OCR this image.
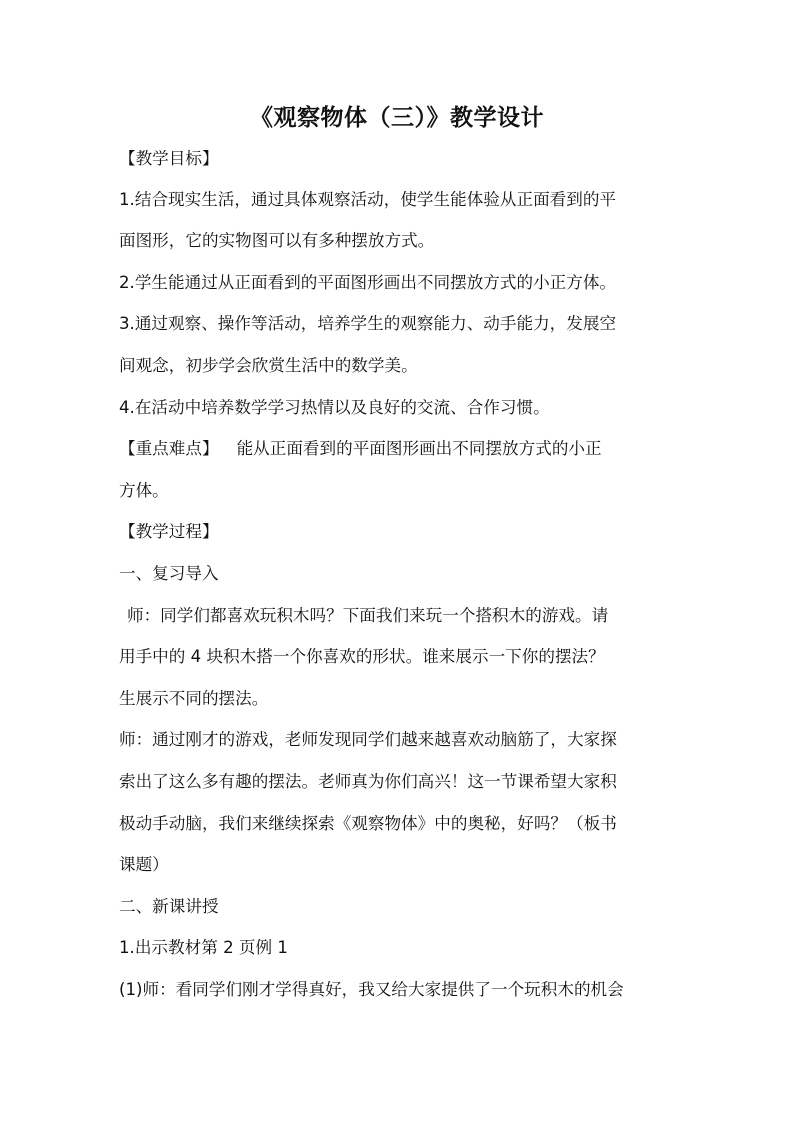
《观察物体（三）》教学设计
【教学目标】
1.结合现实生活，通过具体观察活动，使学生能体验从正面看到的平
面图形，它的实物图可以有多种摆放方式。
2.学生能通过从正面看到的平面图形画出不同摆放方式的小正方体。
3.通过观察、操作等活动，培养学生的观察能力、动手能力，发展空
间观念，初步学会欣赏生活中的数学美。
4.在活动中培养数学学习热情以及良好的交流、合作习惯。
【重点难点】 能从正面看到的平面图形画出不同摆放方式的小正
方体。
【教学过程】
一、复习导入
师：同学们都喜欢玩积木吗？下面我们来玩一个搭积木的游戏。请
用手中的 4 块积木搭一个你喜欢的形状。谁来展示一下你的摆法？
生展示不同的摆法。
师：通过刚才的游戏，老师发现同学们越来越喜欢动脑筋了，大家探
索出了这么多有趣的摆法。老师真为你们高兴！这一节课希望大家积
极动手动脑，我们来继续探索《观察物体》中的奥秘，好吗？（板书
课题）
二、新课讲授
1.出示教材第 2 页例 1
(1)师：看同学们刚才学得真好，我又给大家提供了一个玩积木的机会
